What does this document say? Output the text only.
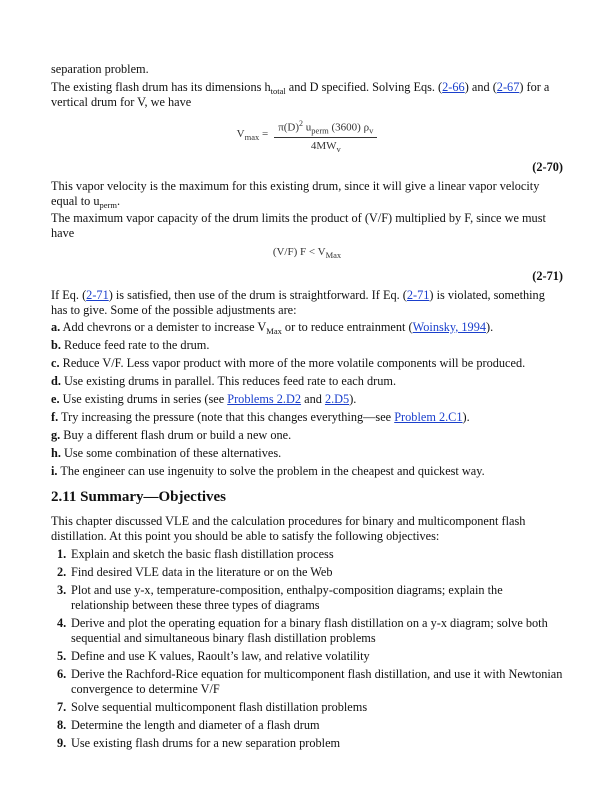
separation problem.

The existing flash drum has its dimensions $h_{total}$ and D specified. Solving Eqs. (2-66) and (2-67) for a vertical drum for V, we have

$V_{max} = \frac{\pi(D)^2 u_{perm} (3600) \rho_v}{4MW_v}$
(2-70)

This vapor velocity is the maximum for this existing drum, since it will give a linear vapor velocity equal to $u_{perm}$.

The maximum vapor capacity of the drum limits the product of (V/F) multiplied by F, since we must have

(V/F) $F < V_{Max}$
(2-71)

If Eq. (2-71) is satisfied, then use of the drum is straightforward. If Eq. (2-71) is violated, something has to give. Some of the possible adjustments are:

a. Add chevrons or a demister to increase $V_{Max}$ or to reduce entrainment (Woinsky, 1994).

b. Reduce feed rate to the drum.

c. Reduce V/F. Less vapor product with more of the more volatile components will be produced.

d. Use existing drums in parallel. This reduces feed rate to each drum.

e. Use existing drums in series (see Problems 2.D2 and 2.D5).

f. Try increasing the pressure (note that this changes everything—see Problem 2.C1).

g. Buy a different flash drum or build a new one.

h. Use some combination of these alternatives.

i. The engineer can use ingenuity to solve the problem in the cheapest and quickest way.

2.11 Summary—Objectives

This chapter discussed VLE and the calculation procedures for binary and multicomponent flash distillation. At this point you should be able to satisfy the following objectives:

1. Explain and sketch the basic flash distillation process
2. Find desired VLE data in the literature or on the Web
3. Plot and use y-x, temperature-composition, enthalpy-composition diagrams; explain the relationship between these three types of diagrams
4. Derive and plot the operating equation for a binary flash distillation on a y-x diagram; solve both sequential and simultaneous binary flash distillation problems
5. Define and use K values, Raoult’s law, and relative volatility
6. Derive the Rachford-Rice equation for multicomponent flash distillation, and use it with Newtonian convergence to determine V/F
7. Solve sequential multicomponent flash distillation problems
8. Determine the length and diameter of a flash drum
9. Use existing flash drums for a new separation problem
